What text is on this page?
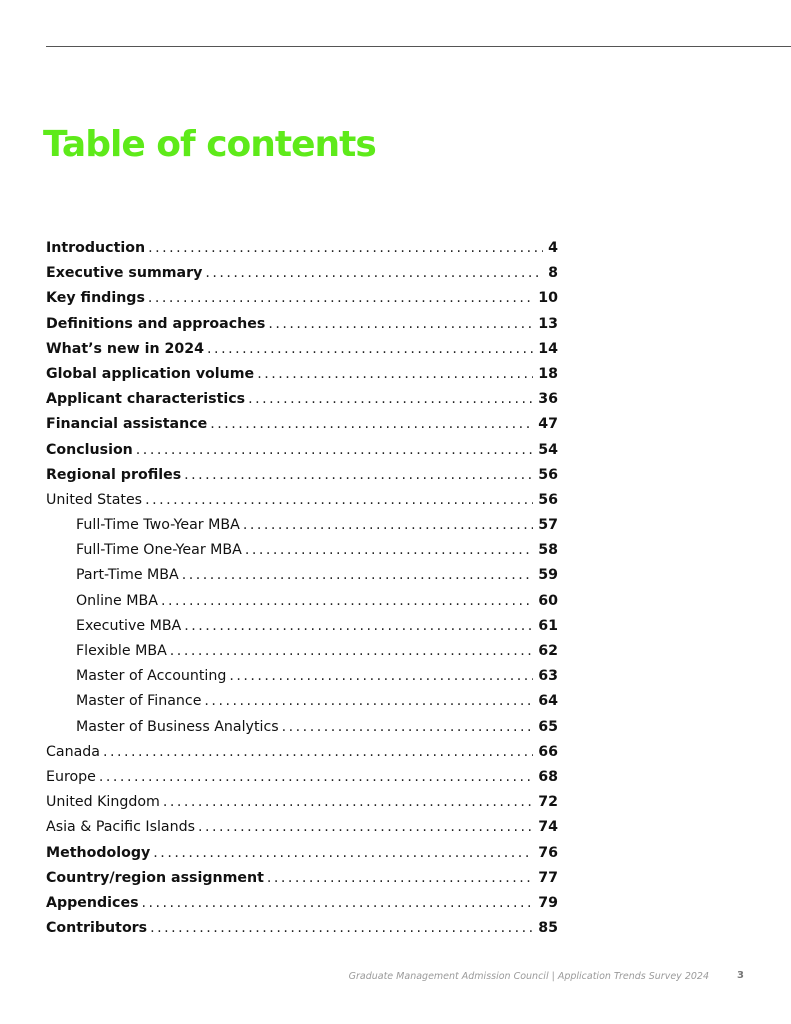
Table of contents
Introduction .....	4
Executive summary .....	8
Key findings .....	10
Definitions and approaches .....	13
What’s new in 2024 .....	14
Global application volume .....	18
Applicant characteristics .....	36
Financial assistance .....	47
Conclusion .....	54
Regional profiles .....	56
United States .....	56
Full-Time Two-Year MBA .....	57
Full-Time One-Year MBA .....	58
Part-Time MBA .....	59
Online MBA .....	60
Executive MBA .....	61
Flexible MBA .....	62
Master of Accounting .....	63
Master of Finance .....	64
Master of Business Analytics .....	65
Canada .....	66
Europe .....	68
United Kingdom .....	72
Asia & Pacific Islands .....	74
Methodology .....	76
Country/region assignment .....	77
Appendices .....	79
Contributors .....	85
Graduate Management Admission Council | Application Trends Survey 2024	3
